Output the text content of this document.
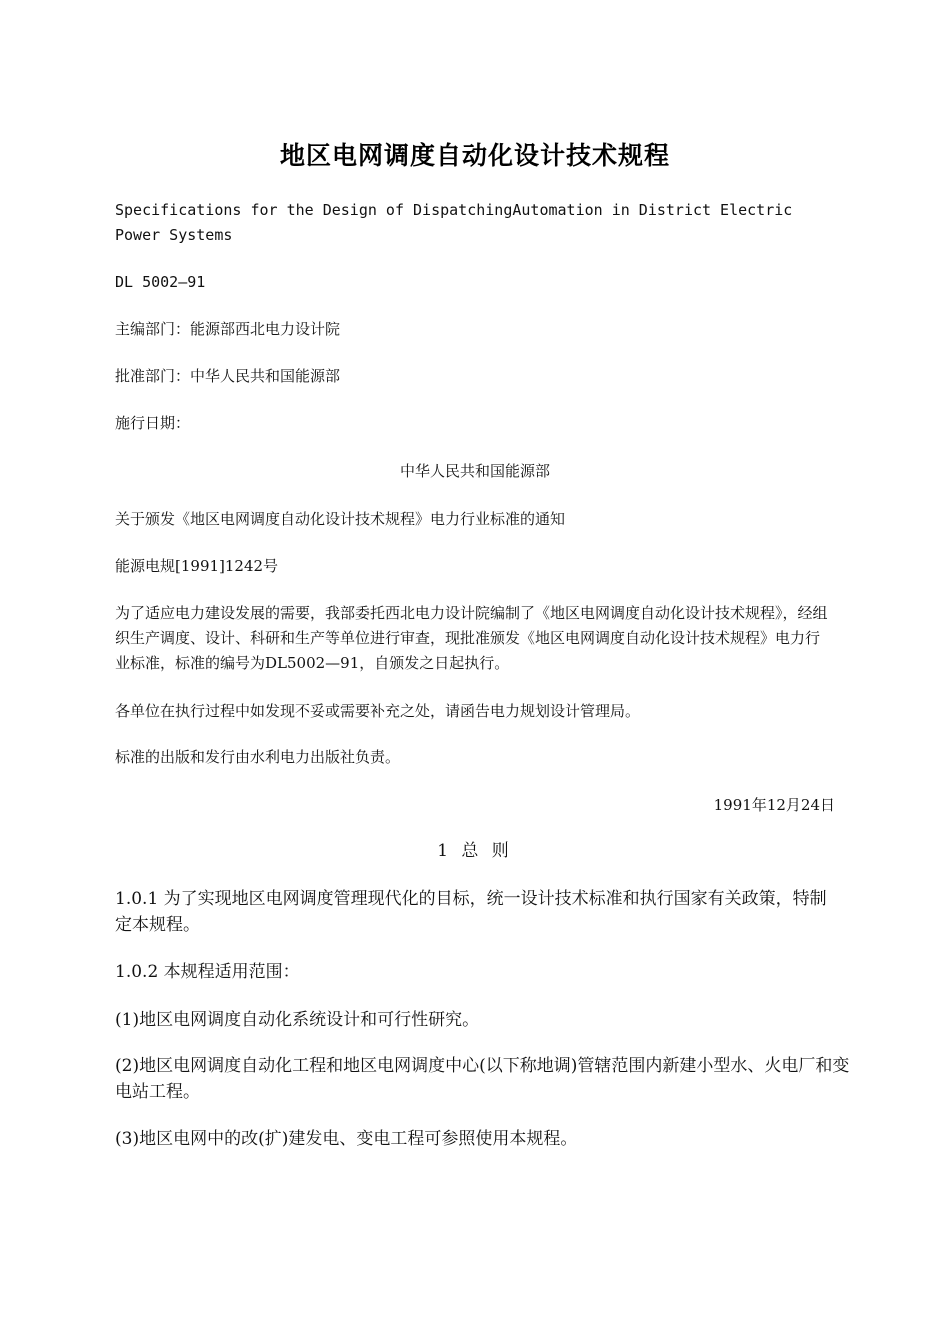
地区电网调度自动化设计技术规程

Specifications for the Design of DispatchingAutomation in District Electric Power Systems

DL 5002—91

主编部门：能源部西北电力设计院

批准部门：中华人民共和国能源部

施行日期：

中华人民共和国能源部

关于颁发《地区电网调度自动化设计技术规程》电力行业标准的通知

能源电规[1991]1242号

为了适应电力建设发展的需要，我部委托西北电力设计院编制了《地区电网调度自动化设计技术规程》，经组织生产调度、设计、科研和生产等单位进行审查，现批准颁发《地区电网调度自动化设计技术规程》电力行业标准，标准的编号为DL5002—91，自颁发之日起执行。

各单位在执行过程中如发现不妥或需要补充之处，请函告电力规划设计管理局。

标准的出版和发行由水利电力出版社负责。

1991年12月24日

1 总 则

1.0.1 为了实现地区电网调度管理现代化的目标，统一设计技术标准和执行国家有关政策，特制定本规程。

1.0.2 本规程适用范围：

(1)地区电网调度自动化系统设计和可行性研究。

(2)地区电网调度自动化工程和地区电网调度中心(以下称地调)管辖范围内新建小型水、火电厂和变电站工程。

(3)地区电网中的改(扩)建发电、变电工程可参照使用本规程。
